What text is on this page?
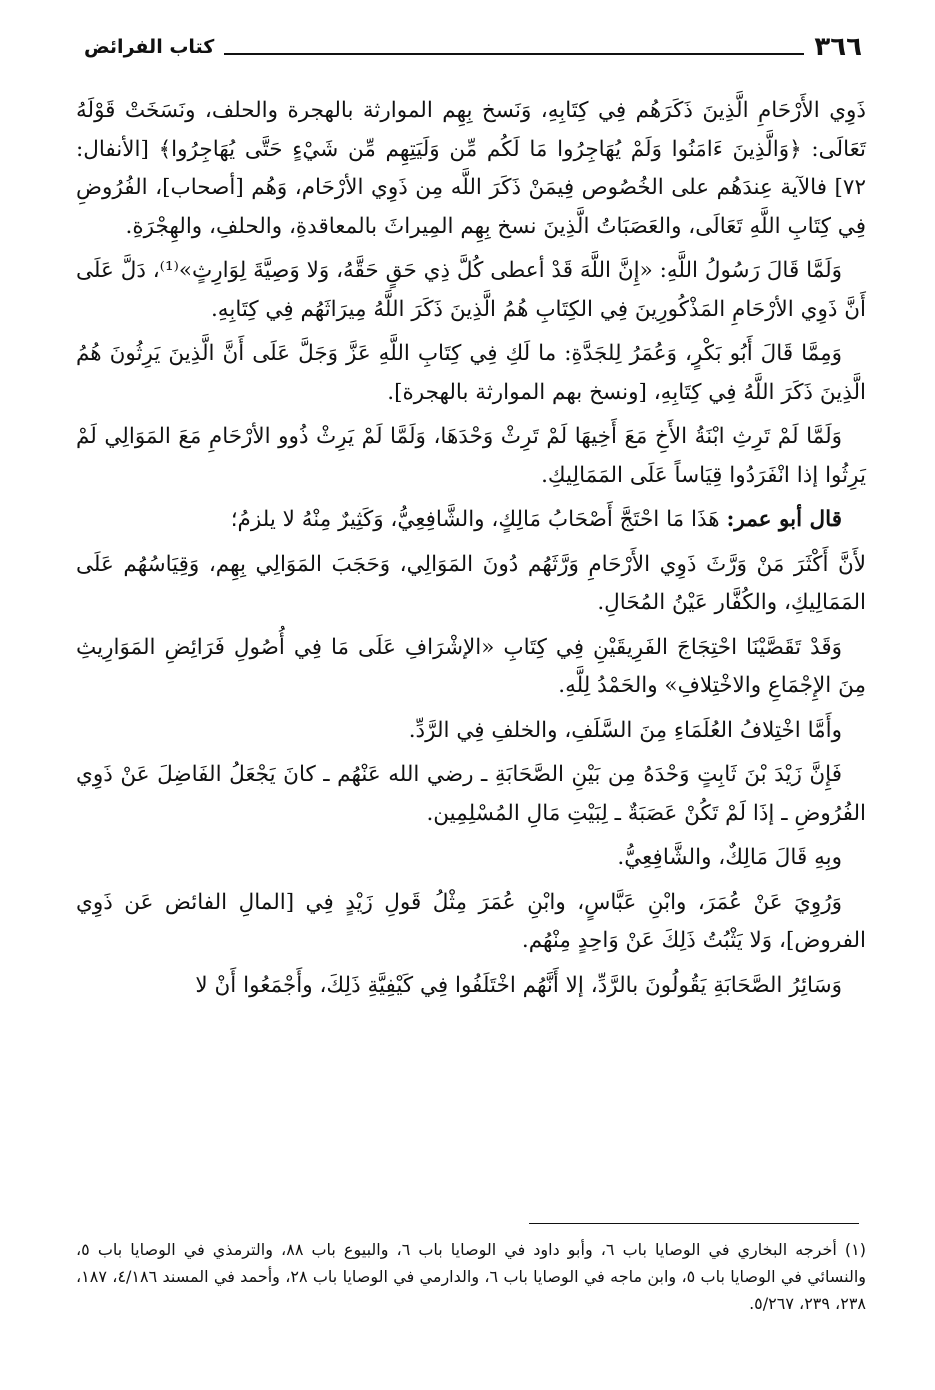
٣٦٦
كتاب الفرائض

ذَوِي الأَرْحَامِ الَّذِينَ ذَكَرَهُم فِي كِتَابِهِ، وَنَسخ بِهِم الموارثة بالهجرة والحلف، ونَسَخَتْ قَوْلَهُ تَعَالَى: ﴿وَالَّذِينَ ءَامَنُوا وَلَمْ يُهَاجِرُوا مَا لَكُم مِّن وَلَيَتِهِم مِّن شَيْءٍ حَتَّى يُهَاجِرُوا﴾ [الأنفال: ٧٢] فالآية عِندَهُم على الخُصُوص فِيمَنْ ذَكَرَ اللَّه مِن ذَوِي الأرْحَام، وَهُم [أصحاب]، الفُرُوضِ فِي كِتَابِ اللَّهِ تَعَالَى، والعَصَبَاتُ الَّذِينَ نسخ بِهِم المِيراثَ بالمعاقدةِ، والحلفِ، والهِجْرَةِ.

وَلَمَّا قَالَ رَسُولُ اللَّهِ: «إِنَّ اللَّهَ قَدْ أعطى كُلَّ ذِي حَقٍ حَقَّهُ، وَلا وَصِيَّةَ لِوَارِثٍ»⁽¹⁾، دَلَّ عَلَى أَنَّ ذَوِي الأرْحَامِ المَذْكُورِينَ فِي الكِتَابِ هُمُ الَّذِينَ ذَكَرَ اللَّهُ مِيرَاثَهُم فِي كِتَابِهِ.

وَمِمَّا قَالَ أَبُو بَكْرٍ، وَعُمَرُ لِلجَدَّةِ: ما لَكِ فِي كِتَابِ اللَّهِ عَزَّ وَجَلَّ عَلَى أَنَّ الَّذِينَ يَرِثُونَ هُمُ الَّذِينَ ذَكَرَ اللَّهُ فِي كِتَابِهِ، [ونسخ بهم الموارثة بالهجرة].

وَلَمَّا لَمْ تَرِثِ ابْنَةُ الأَخِ مَعَ أَخِيهَا لَمْ تَرِثْ وَحْدَهَا، وَلَمَّا لَمْ يَرِثْ ذُوو الأرْحَامِ مَعَ المَوَالِي لَمْ يَرِثُوا إذا انْفَرَدُوا قِيَاساً عَلَى المَمَالِيكِ.

قال أبو عمر: هَذَا مَا احْتَجَّ أَصْحَابُ مَالِكٍ، والشَّافِعِيُّ، وَكَثِيرٌ مِنْهُ لا يلزمُ؛

لأَنَّ أَكْثَرَ مَنْ وَرَّثَ ذَوِي الأَرْحَامِ وَرَّثَهُم دُونَ المَوَالِي، وَحَجَبَ المَوَالِي بِهِم، وَقِيَاسُهُم عَلَى المَمَالِيكِ، والكُفَّار عَيْنُ المُحَالِ.

وَقَدْ تَقَصَّيْنَا احْتِجَاجَ الفَرِيقَيْنِ فِي كِتَابِ «الإشْرَافِ عَلَى مَا فِي أُصُولِ فَرَائِضِ المَوَارِيثِ مِنَ الإِجْمَاعِ والاخْتِلافِ» والحَمْدُ لِلَّهِ.

وأَمَّا اخْتِلافُ العُلَمَاءِ مِنَ السَّلَفِ، والخلفِ فِي الرَّدِّ.

فَإِنَّ زَيْدَ بْنَ ثَابِتٍ وَحْدَهُ مِن بَيْنِ الصَّحَابَةِ ـ رضي الله عَنْهُم ـ كانَ يَجْعَلُ الفَاضِلَ عَنْ ذَوِي الفُرُوضِ ـ إذَا لَمْ تَكُنْ عَصَبَةٌ ـ لِبَيْتِ مَالِ المُسْلِمِين.

وبِهِ قَالَ مَالِكٌ، والشَّافِعِيُّ.

وَرُوِيَ عَنْ عُمَرَ، وابْنِ عَبَّاسٍ، وابْنِ عُمَرَ مِثْلُ قَولِ زَيْدٍ فِي [المالِ الفائض عَن ذَوِي الفروض]، وَلا يَثْبُتُ ذَلِكَ عَنْ وَاحِدٍ مِنْهُم.

وَسَائِرُ الصَّحَابَةِ يَقُولُونَ بالرَّدِّ، إلا أَنَّهُم اخْتَلَفُوا فِي كَيْفِيَّةِ ذَلِكَ، وأَجْمَعُوا أَنْ لا

(١) أخرجه البخاري في الوصايا باب ٦، وأبو داود في الوصايا باب ٦، والبيوع باب ٨٨، والترمذي في الوصايا باب ٥، والنسائي في الوصايا باب ٥، وابن ماجه في الوصايا باب ٦، والدارمي في الوصايا باب ٢٨، وأحمد في المسند ٤/١٨٦، ١٨٧، ٢٣٨، ٢٣٩، ٥/٢٦٧.
